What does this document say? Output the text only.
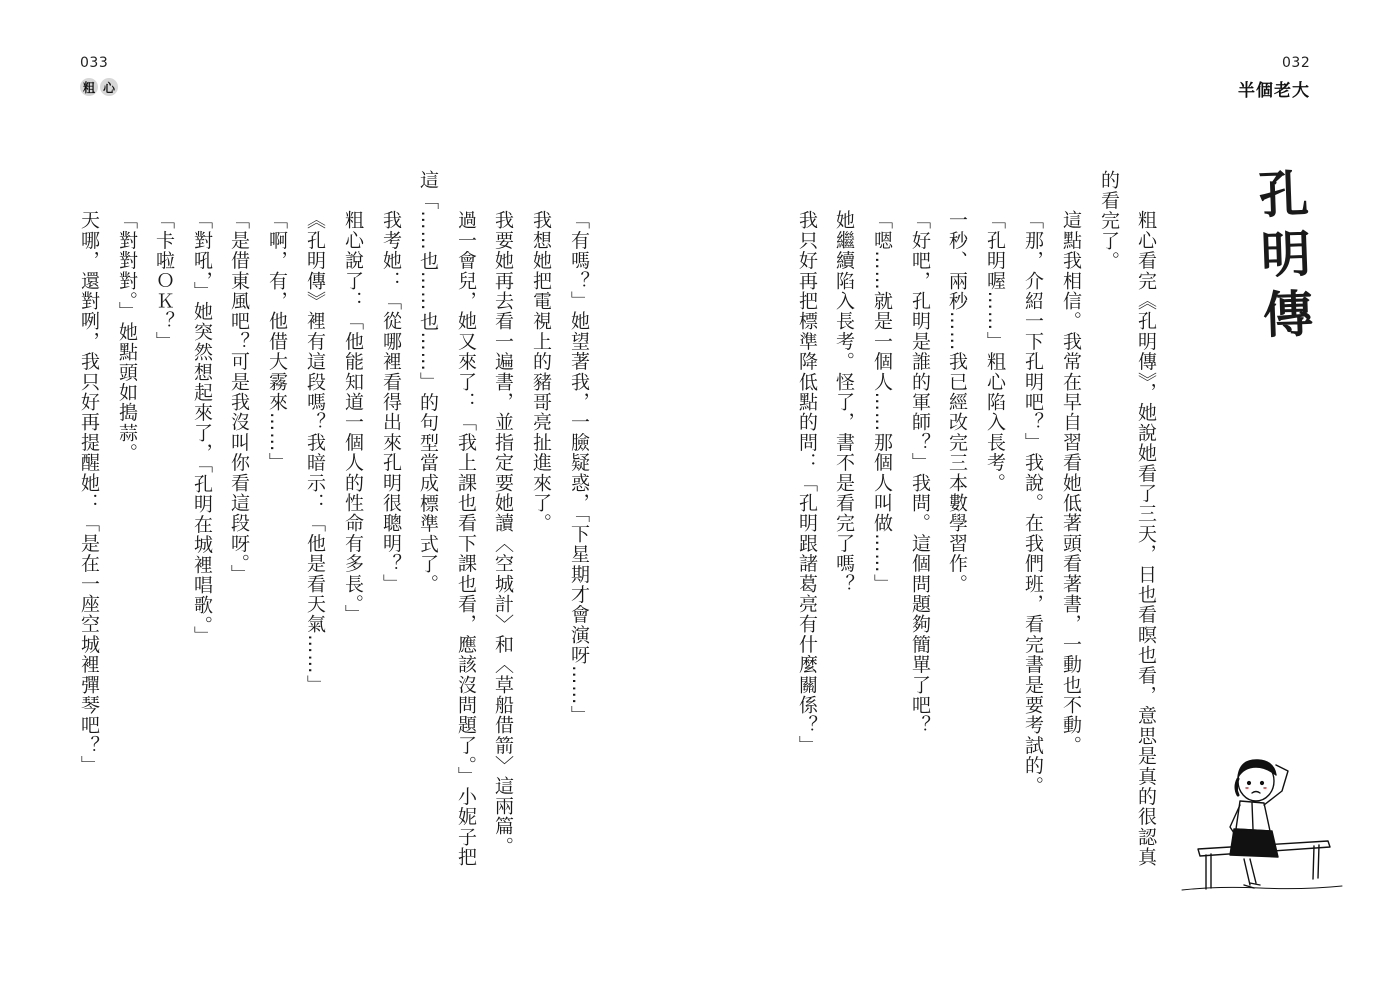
033
粗 心
「有嗎？」她望著我，一臉疑惑，「下星期才會演呀……」
我想她把電視上的豬哥亮扯進來了。
我要她再去看一遍書，並指定要她讀〈空城計〉和〈草船借箭〉這兩篇。
過一會兒，她又來了：「我上課也看下課也看，應該沒問題了。」小妮子把
這「……也……也……」的句型當成標準式了。
我考她：「從哪裡看得出來孔明很聰明？」
粗心說了：「他能知道一個人的性命有多長。」
《孔明傳》裡有這段嗎？我暗示：「他是看天氣……」
「啊，有，他借大霧來……」
「是借東風吧？可是我沒叫你看這段呀。」
「對吼，」她突然想起來了，「孔明在城裡唱歌。」
「卡啦ＯＫ？」
「對對對。」她點頭如搗蒜。
天哪，還對咧，我只好再提醒她：「是在一座空城裡彈琴吧？」
032
半個老大
孔明傳
粗心看完《孔明傳》，她說她看了三天，日也看暝也看，意思是真的很認真
的看完了。
這點我相信。我常在早自習看她低著頭看著書，一動也不動。
「那，介紹一下孔明吧？」我說。在我們班，看完書是要考試的。
「孔明喔……」粗心陷入長考。
一秒、兩秒……我已經改完三本數學習作。
「好吧，孔明是誰的軍師？」我問。這個問題夠簡單了吧？
「嗯……就是一個人……那個人叫做……」
她繼續陷入長考。怪了，書不是看完了嗎？
我只好再把標準降低點的問：「孔明跟諸葛亮有什麼關係？」
